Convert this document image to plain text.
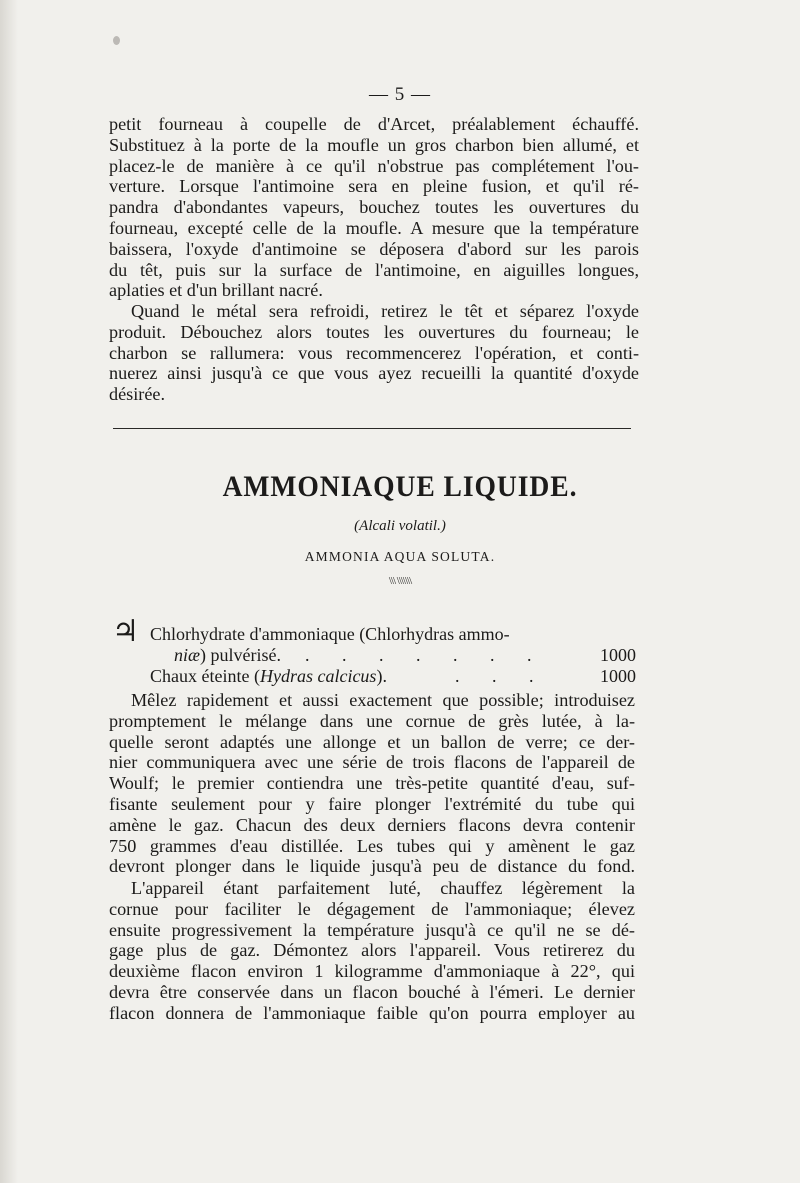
— 5 —
petit fourneau à coupelle de d'Arcet, préalablement échauffé.
Substituez à la porte de la moufle un gros charbon bien allumé, et
placez-le de manière à ce qu'il n'obstrue pas complétement l'ou-
verture. Lorsque l'antimoine sera en pleine fusion, et qu'il ré-
pandra d'abondantes vapeurs, bouchez toutes les ouvertures du
fourneau, excepté celle de la moufle. A mesure que la température
baissera, l'oxyde d'antimoine se déposera d'abord sur les parois
du têt, puis sur la surface de l'antimoine, en aiguilles longues,
aplaties et d'un brillant nacré.
Quand le métal sera refroidi, retirez le têt et séparez l'oxyde
produit. Débouchez alors toutes les ouvertures du fourneau; le
charbon se rallumera: vous recommencerez l'opération, et conti-
nuerez ainsi jusqu'à ce que vous ayez recueilli la quantité d'oxyde
désirée.
AMMONIAQUE LIQUIDE.
(Alcali volatil.)
AMMONIA AQUA SOLUTA.
\\\ \\\\\\\
♃ Chlorhydrate d'ammoniaque (Chlorhydras ammo-
niæ) pulvérisé. . . . . . . .	1000
Chaux éteinte (Hydras calcicus).	. . .	1000
Mêlez rapidement et aussi exactement que possible; introduisez
promptement le mélange dans une cornue de grès lutée, à la-
quelle seront adaptés une allonge et un ballon de verre; ce der-
nier communiquera avec une série de trois flacons de l'appareil de
Woulf; le premier contiendra une très-petite quantité d'eau, suf-
fisante seulement pour y faire plonger l'extrémité du tube qui
amène le gaz. Chacun des deux derniers flacons devra contenir
750 grammes d'eau distillée. Les tubes qui y amènent le gaz
devront plonger dans le liquide jusqu'à peu de distance du fond.
L'appareil étant parfaitement luté, chauffez légèrement la
cornue pour faciliter le dégagement de l'ammoniaque; élevez
ensuite progressivement la température jusqu'à ce qu'il ne se dé-
gage plus de gaz. Démontez alors l'appareil. Vous retirerez du
deuxième flacon environ 1 kilogramme d'ammoniaque à 22°, qui
devra être conservée dans un flacon bouché à l'émeri. Le dernier
flacon donnera de l'ammoniaque faible qu'on pourra employer au
